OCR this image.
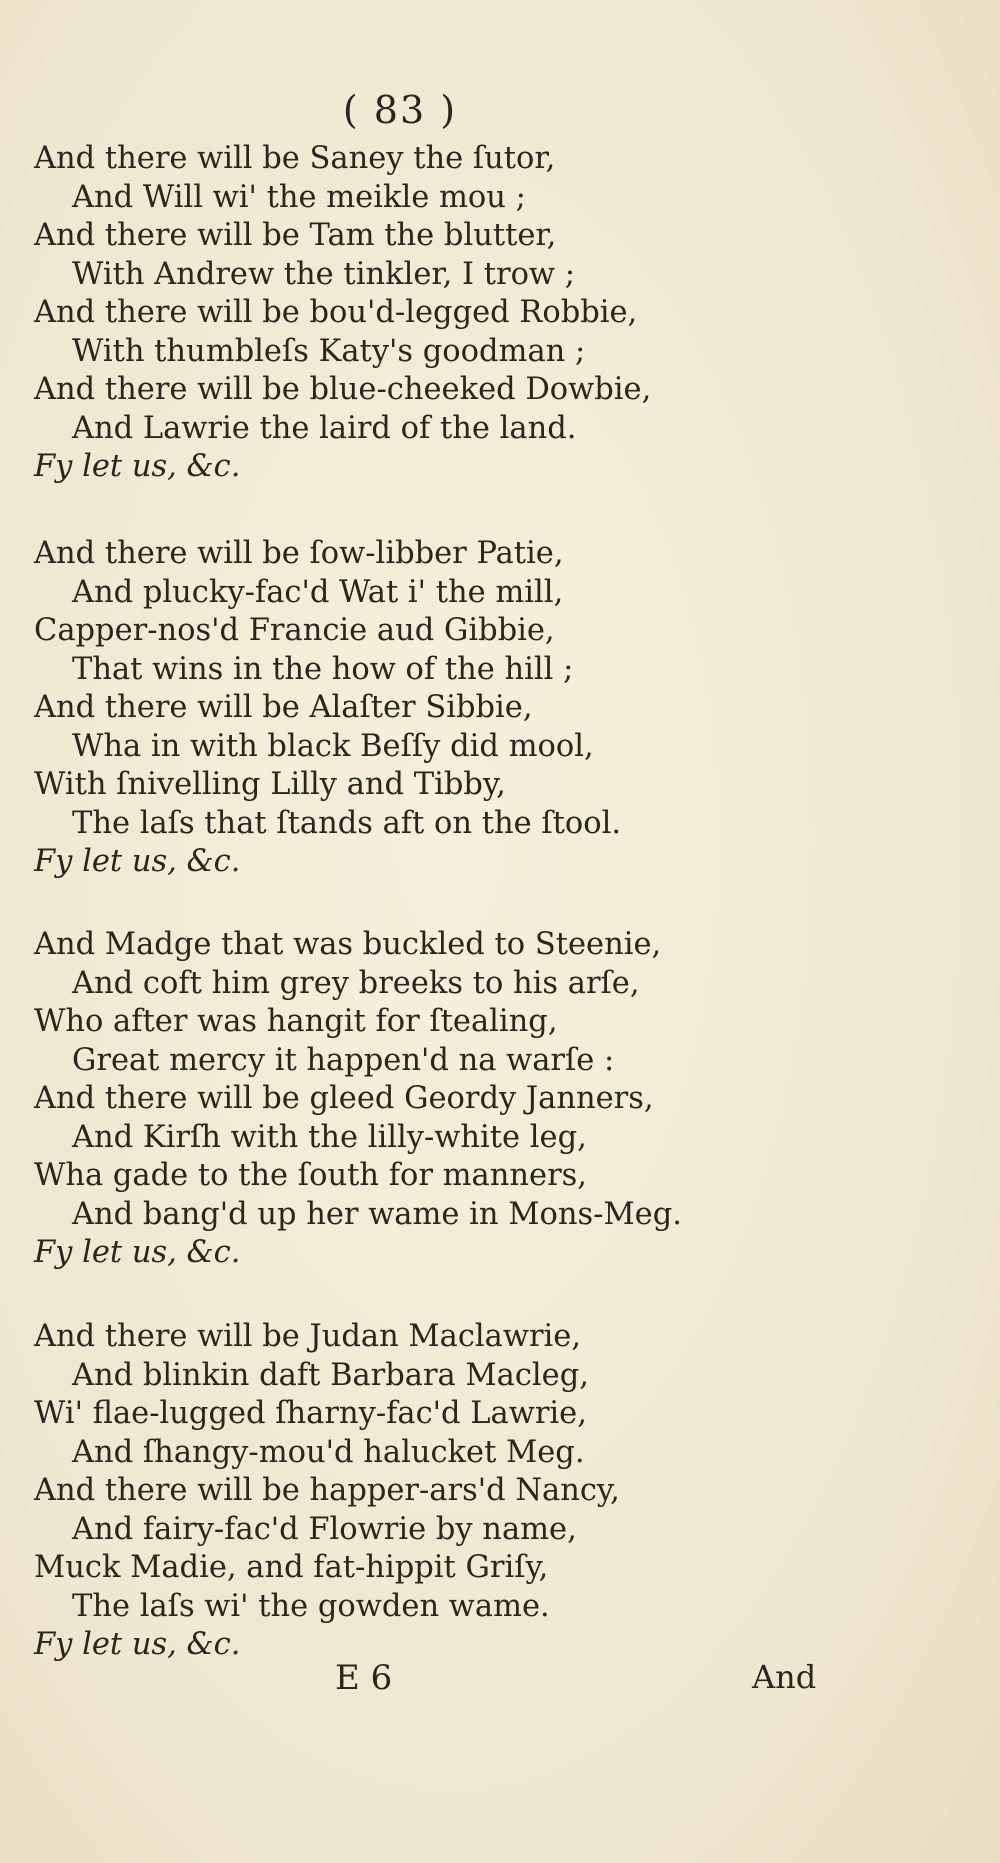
( 83 )
And there will be Saney the ſutor,
And Will wi' the meikle mou ;
And there will be Tam the blutter,
With Andrew the tinkler, I trow ;
And there will be bou'd-legged Robbie,
With thumbleſs Katy's goodman ;
And there will be blue-cheeked Dowbie,
And Lawrie the laird of the land.
Fy let us, &c.
And there will be ſow-libber Patie,
And plucky-fac'd Wat i' the mill,
Capper-nos'd Francie aud Gibbie,
That wins in the how of the hill ;
And there will be Alaſter Sibbie,
Wha in with black Beſſy did mool,
With ſnivelling Lilly and Tibby,
The laſs that ſtands aft on the ſtool.
Fy let us, &c.
And Madge that was buckled to Steenie,
And coft him grey breeks to his arſe,
Who after was hangit for ſtealing,
Great mercy it happen'd na warſe :
And there will be gleed Geordy Janners,
And Kirſh with the lilly-white leg,
Wha gade to the ſouth for manners,
And bang'd up her wame in Mons-Meg.
Fy let us, &c.
And there will be Judan Maclawrie,
And blinkin daft Barbara Macleg,
Wi' flae-lugged ſharny-fac'd Lawrie,
And ſhangy-mou'd halucket Meg.
And there will be happer-ars'd Nancy,
And fairy-fac'd Flowrie by name,
Muck Madie, and fat-hippit Griſy,
The laſs wi' the gowden wame.
Fy let us, &c.
E 6	And
